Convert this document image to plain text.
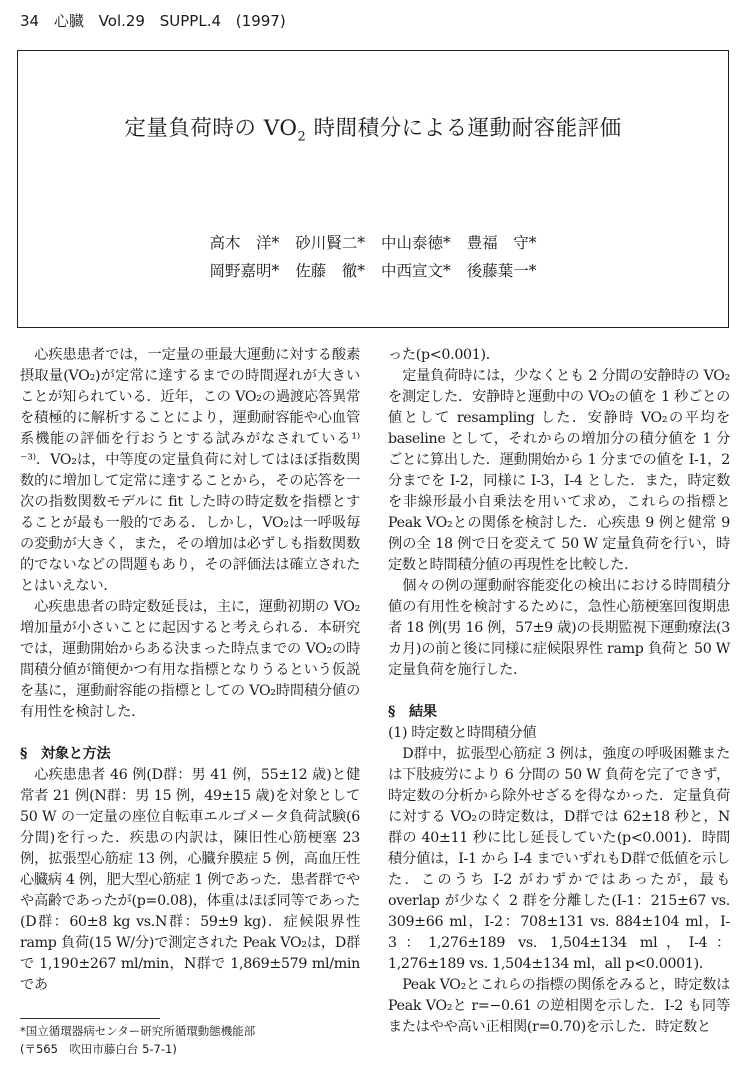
34 心臓 Vol.29 SUPPL.4 (1997)
定量負荷時の $VO_2$ 時間積分による運動耐容能評価
高木　洋* 砂川賢二* 中山泰徳* 豊福　守*
岡野嘉明* 佐藤　徹* 中西宣文* 後藤葉一*

心疾患患者では，一定量の亜最大運動に対する酸素摂取量(VO₂)が定常に達するまでの時間遅れが大きいことが知られている．近年，この VO₂の過渡応答異常を積極的に解析することにより，運動耐容能や心血管系機能の評価を行おうとする試みがなされている¹⁾⁻³⁾．VO₂は，中等度の定量負荷に対してはほぼ指数関数的に増加して定常に達することから，その応答を一次の指数関数モデルに fit した時の時定数を指標とすることが最も一般的である．しかし，VO₂は一呼吸毎の変動が大きく，また，その増加は必ずしも指数関数的でないなどの問題もあり，その評価法は確立されたとはいえない．

心疾患患者の時定数延長は，主に，運動初期の VO₂増加量が小さいことに起因すると考えられる．本研究では，運動開始からある決まった時点までの VO₂の時間積分値が簡便かつ有用な指標となりうるという仮説を基に，運動耐容能の指標としての VO₂時間積分値の有用性を検討した．

§　対象と方法

心疾患患者 46 例(D群：男 41 例，55±12 歳)と健常者 21 例(N群：男 15 例，49±15 歳)を対象として 50 W の一定量の座位自転車エルゴメータ負荷試験(6 分間)を行った．疾患の内訳は，陳旧性心筋梗塞 23 例，拡張型心筋症 13 例，心臓弁膜症 5 例，高血圧性心臓病 4 例，肥大型心筋症 1 例であった．患者群でやや高齢であったが(p=0.08)，体重はほぼ同等であった(D群：60±8 kg vs.N群：59±9 kg)．症候限界性 ramp 負荷(15 W/分)で測定された Peak VO₂は，D群で 1,190±267 ml/min，N群で 1,869±579 ml/min であ

った(p<0.001)．

定量負荷時には，少なくとも 2 分間の安静時の VO₂を測定した．安静時と運動中の VO₂の値を 1 秒ごとの値として resampling した．安静時 VO₂の平均を baseline として，それからの増加分の積分値を 1 分ごとに算出した．運動開始から 1 分までの値を I-1，2 分までを I-2，同様に I-3，I-4 とした．また，時定数を非線形最小自乗法を用いて求め，これらの指標と Peak VO₂との関係を検討した．心疾患 9 例と健常 9 例の全 18 例で日を変えて 50 W 定量負荷を行い，時定数と時間積分値の再現性を比較した．

個々の例の運動耐容能変化の検出における時間積分値の有用性を検討するために，急性心筋梗塞回復期患者 18 例(男 16 例，57±9 歳)の長期監視下運動療法(3 カ月)の前と後に同様に症候限界性 ramp 負荷と 50 W 定量負荷を施行した．

§　結果

(1) 時定数と時間積分値

D群中，拡張型心筋症 3 例は，強度の呼吸困難または下肢疲労により 6 分間の 50 W 負荷を完了できず，時定数の分析から除外せざるを得なかった．定量負荷に対する VO₂の時定数は，D群では 62±18 秒と，N群の 40±11 秒に比し延長していた(p<0.001)．時間積分値は，I-1 から I-4 までいずれもD群で低値を示した．このうち I-2 がわずかではあったが，最も overlap が少なく 2 群を分離した(I-1：215±67 vs. 309±66 ml，I-2：708±131 vs. 884±104 ml，I-3：1,276±189 vs. 1,504±134 ml，I-4：1,276±189 vs. 1,504±134 ml，all p<0.0001)．

Peak VO₂とこれらの指標の関係をみると，時定数は Peak VO₂と r=−0.61 の逆相関を示した．I-2 も同等またはやや高い正相関(r=0.70)を示した．時定数と

*国立循環器病センター研究所循環動態機能部
(〒565　吹田市藤白台 5-7-1)
